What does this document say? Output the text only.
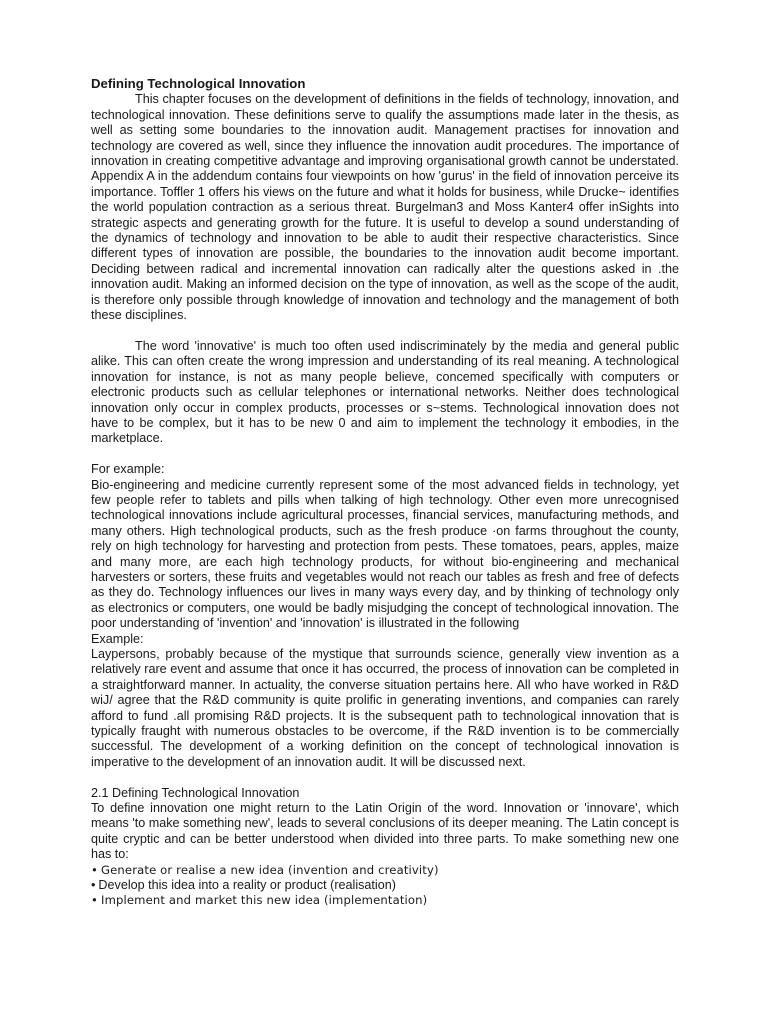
Defining Technological Innovation

This chapter focuses on the development of definitions in the fields of technology, innovation, and technological innovation. These definitions serve to qualify the assumptions made later in the thesis, as well as setting some boundaries to the innovation audit. Management practises for innovation and technology are covered as well, since they influence the innovation audit procedures. The importance of innovation in creating competitive advantage and improving organisational growth cannot be understated. Appendix A in the addendum contains four viewpoints on how 'gurus' in the field of innovation perceive its importance. Toffler 1 offers his views on the future and what it holds for business, while Drucke~ identifies the world population contraction as a serious threat. Burgelman3 and Moss Kanter4 offer inSights into strategic aspects and generating growth for the future. It is useful to develop a sound understanding of the dynamics of technology and innovation to be able to audit their respective characteristics. Since different types of innovation are possible, the boundaries to the innovation audit become important. Deciding between radical and incremental innovation can radically alter the questions asked in .the innovation audit. Making an informed decision on the type of innovation, as well as the scope of the audit, is therefore only possible through knowledge of innovation and technology and the management of both these disciplines.

The word 'innovative' is much too often used indiscriminately by the media and general public alike. This can often create the wrong impression and understanding of its real meaning. A technological innovation for instance, is not as many people believe, concemed specifically with computers or electronic products such as cellular telephones or international networks. Neither does technological innovation only occur in complex products, processes or s~stems. Technological innovation does not have to be complex, but it has to be new 0 and aim to implement the technology it embodies, in the marketplace.

For example:

Bio-engineering and medicine currently represent some of the most advanced fields in technology, yet few people refer to tablets and pills when talking of high technology. Other even more unrecognised technological innovations include agricultural processes, financial services, manufacturing methods, and many others. High technological products, such as the fresh produce ·on farms throughout the county, rely on high technology for harvesting and protection from pests. These tomatoes, pears, apples, maize and many more, are each high technology products, for without bio-engineering and mechanical harvesters or sorters, these fruits and vegetables would not reach our tables as fresh and free of defects as they do. Technology influences our lives in many ways every day, and by thinking of technology only as electronics or computers, one would be badly misjudging the concept of technological innovation. The poor understanding of 'invention' and 'innovation' is illustrated in the following

Example:

Laypersons, probably because of the mystique that surrounds science, generally view invention as a relatively rare event and assume that once it has occurred, the process of innovation can be completed in a straightforward manner. In actuality, the converse situation pertains here. All who have worked in R&D wiJ/ agree that the R&D community is quite prolific in generating inventions, and companies can rarely afford to fund .all promising R&D projects. It is the subsequent path to technological innovation that is typically fraught with numerous obstacles to be overcome, if the R&D invention is to be commercially successful. The development of a working definition on the concept of technological innovation is imperative to the development of an innovation audit. It will be discussed next.

2.1 Defining Technological Innovation

To define innovation one might return to the Latin Origin of the word. Innovation or 'innovare', which means 'to make something new', leads to several conclusions of its deeper meaning. The Latin concept is quite cryptic and can be better understood when divided into three parts. To make something new one has to:

• Generate or realise a new idea (invention and creativity)
• Develop this idea into a reality or product (realisation)
• Implement and market this new idea (implementation)
